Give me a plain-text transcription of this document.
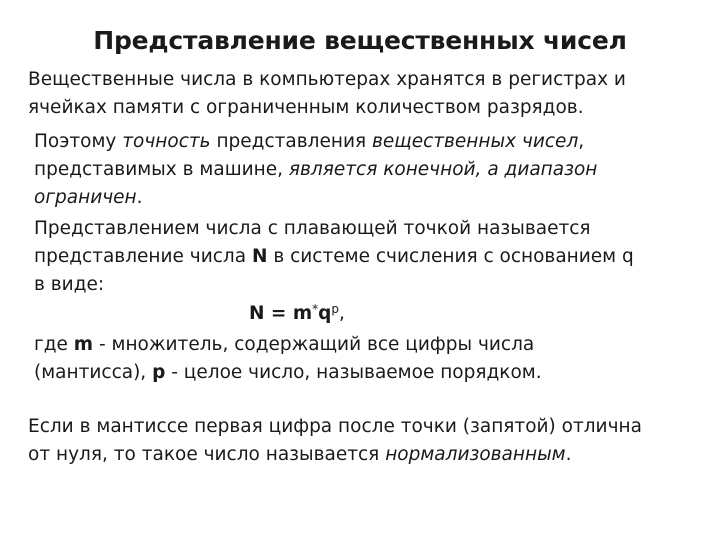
Представление вещественных чисел
Вещественные числа в компьютерах хранятся в регистрах и
ячейках памяти с ограниченным количеством разрядов.
Поэтому точность представления вещественных чисел,
представимых в машине, является конечной, а диапазон
ограничен.
Представлением числа с плавающей точкой называется
представление числа N в системе счисления с основанием q
в виде:
$N = m^*q^p$,
где m - множитель, содержащий все цифры числа
(мантисса), p - целое число, называемое порядком.
Если в мантиссе первая цифра после точки (запятой) отлична
от нуля, то такое число называется нормализованным.
